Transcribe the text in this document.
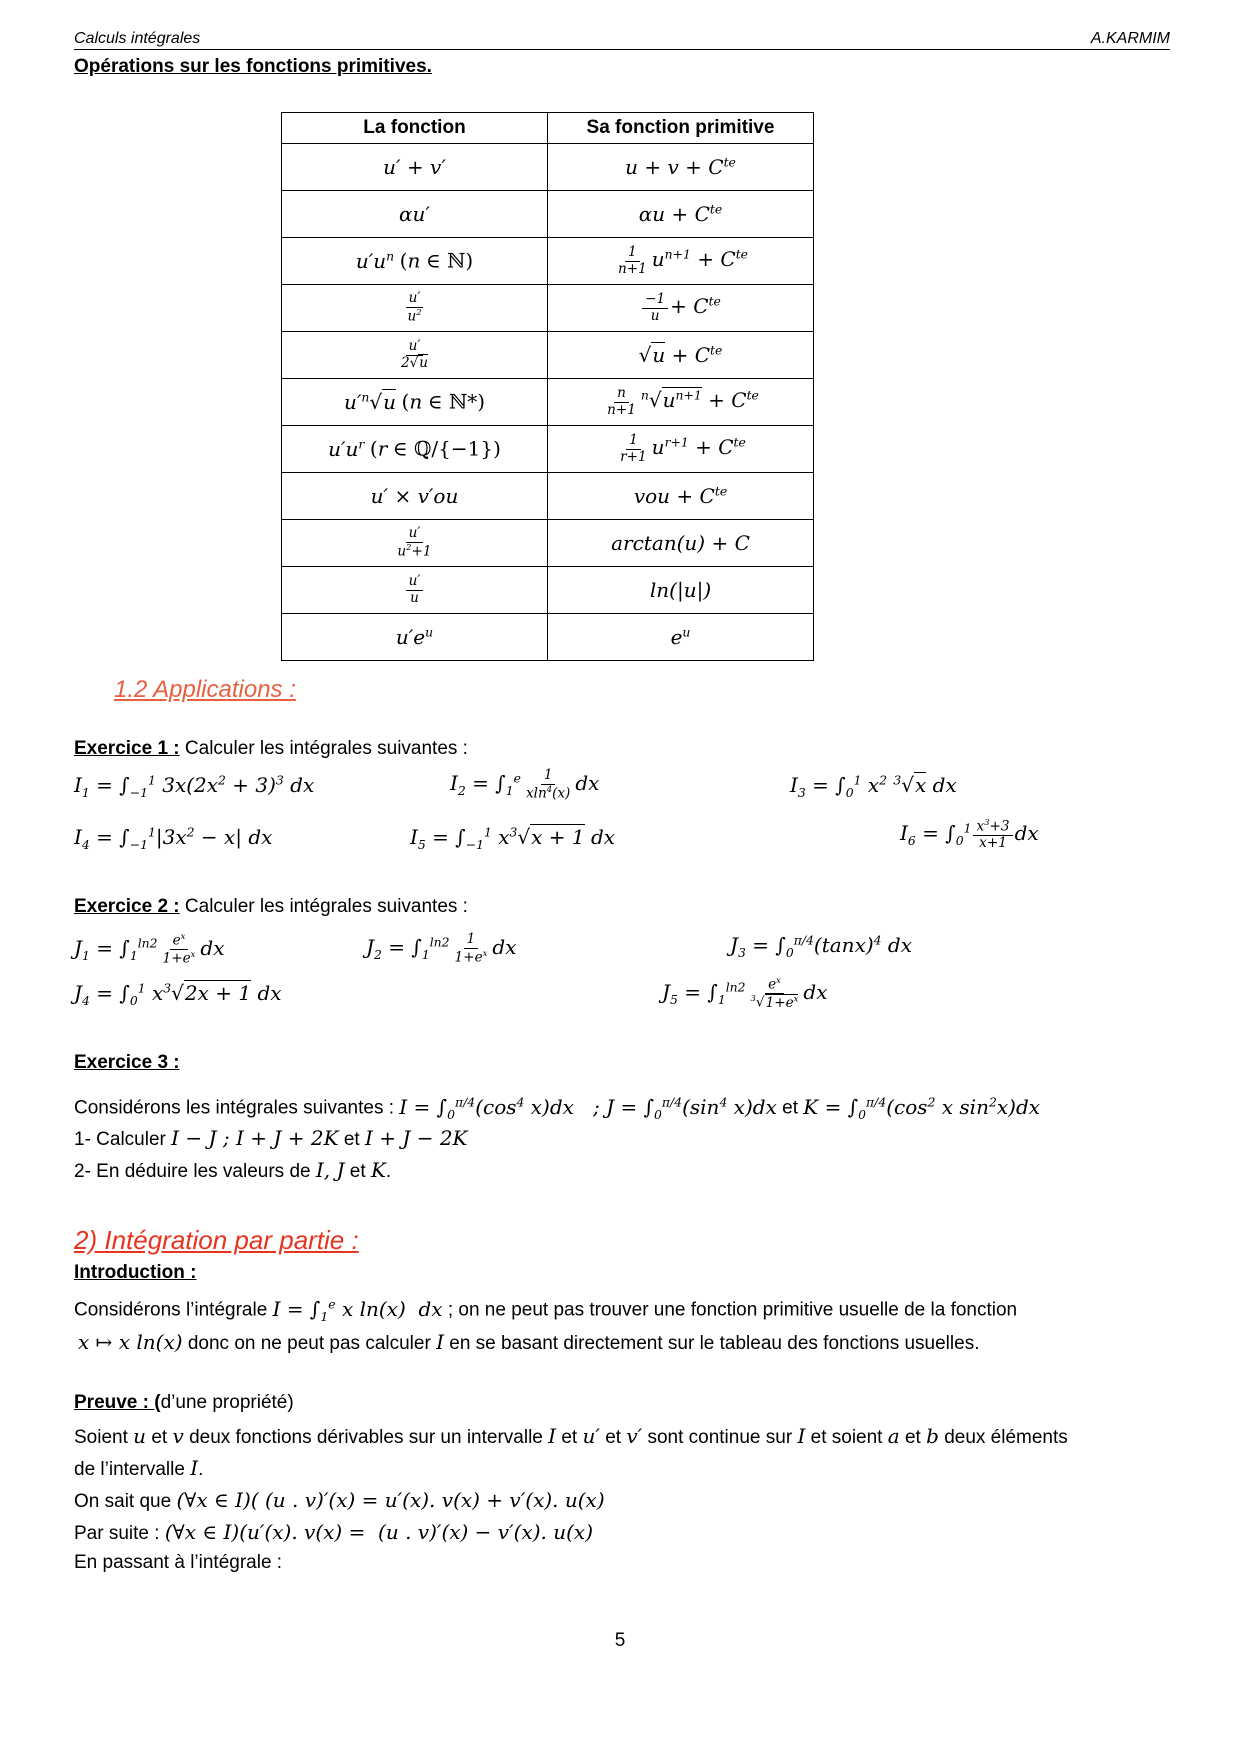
Calculs intégrales	A.KARMIM
Opérations sur les fonctions primitives.
La fonction	Sa fonction primitive
u′ + v′	$u + v + C^{te}$
αu′	$\alpha u + C^{te}$
$u'u^n$ (n ∈ ℕ)	$\frac{1}{n+1} u^{n+1} + C^{te}$

$\frac{u'}{u^2}$	$\frac{-1}{u} + C^{te}$

$\frac{u'}{2√u}$	$√u + C^{te}$
$u'^n√u$ (n ∈ ℕ*)	$\frac{n}{n+1} ^n√u^{n+1} + C^{te}$
$u'u^r$ (r ∈ ℚ/{−1})	$\frac{1}{r+1} u^{r+1} + C^{te}$
u′ × v′ou	vou + $C^{te}$

$\frac{u'}{u^2+1}$	arctan(u) + C

$\frac{u'}{u}$	ln(|u|)
$u'e^u$	$e^u$
1.2 Applications :
Exercice 1 : Calculer les intégrales suivantes :
$I_1 = \int_{-1}^1$ $3x(2x^2 + 3)^3$ dx	$I_2 = \int_1^e \frac{1}{xln^4(x)}$ dx	$I_3 = \int_0^1$ $x^2$ $^3$√x dx
$I_4 = \int_{-1}^1|3x^2 - x|$ dx	$I_5 = \int_{-1}^1$ $x^3√x + 1$ dx	$I_6 = \int_0^1 \frac{x^3+3}{x+1}$ dx
Exercice 2 : Calculer les intégrales suivantes :
$J_1 = \int_1^{ln2} \frac{e^x}{1+e^x}$ dx	$J_2 = \int_1^{ln2} \frac{1}{1+e^x}$ dx	$J_3 = \int_0^{\pi/4}(\tan x)^4$ dx
$J_4 = \int_0^1$ $x^3√2x + 1$ dx	$J_5 = \int_1^{ln2} \frac{e^x}{^3√1+e^x}$ dx
Exercice 3 :
Considérons les intégrales suivantes : $I = \int_0^{\pi/4}(\cos^4$ x)dx   ; $J = \int_0^{\pi/4}(\sin^4$ x)dx et $K = \int_0^{\pi/4}(\cos^2$ x $\sin^2x)dx$
1- Calculer I − J ; I + J + 2K et I + J − 2K
2- En déduire les valeurs de I, J et K.
2) Intégration par partie :
Introduction :
Considérons l’intégrale $I = \int_1^e$ x ln(x)  dx ; on ne peut pas trouver une fonction primitive usuelle de la fonction
x ↦ x ln(x) donc on ne peut pas calculer I en se basant directement sur le tableau des fonctions usuelles.
Preuve : (d’une propriété)
Soient u et v deux fonctions dérivables sur un intervalle I et u′ et v′ sont continue sur I et soient a et b deux éléments
de l’intervalle I.
On sait que (∀x ∈ I)( (u . v)′(x) = u′(x). v(x) + v′(x). u(x)
Par suite : (∀x ∈ I)(u′(x). v(x) =  (u . v)′(x) − v′(x). u(x)
En passant à l’intégrale :
5
